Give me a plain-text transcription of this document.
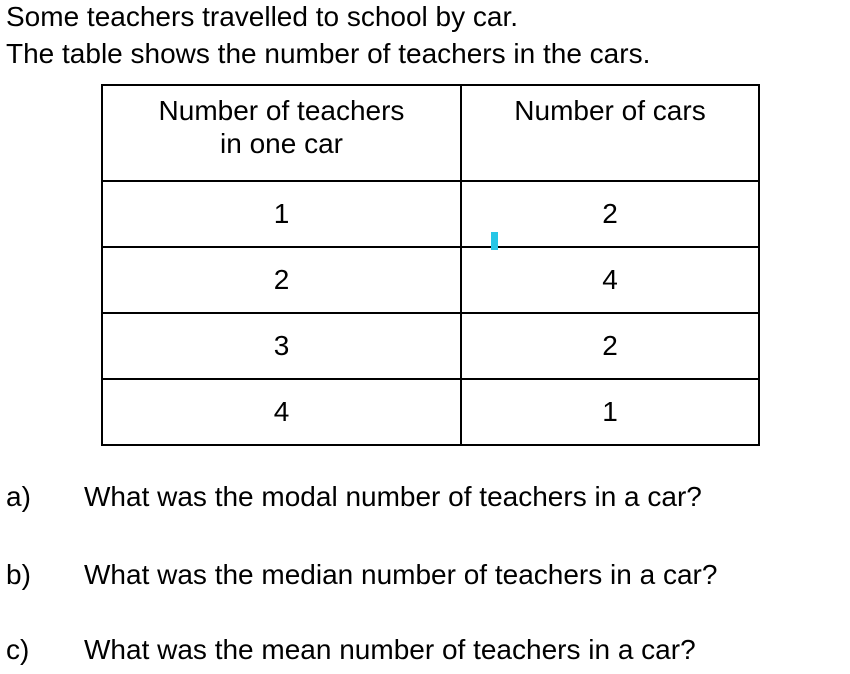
Some teachers travelled to school by car.
The table shows the number of teachers in the cars.
Number of teachers
in one car	Number of cars
1	2
2	4
3	2
4	1
a) What was the modal number of teachers in a car?
b) What was the median number of teachers in a car?
c) What was the mean number of teachers in a car?
